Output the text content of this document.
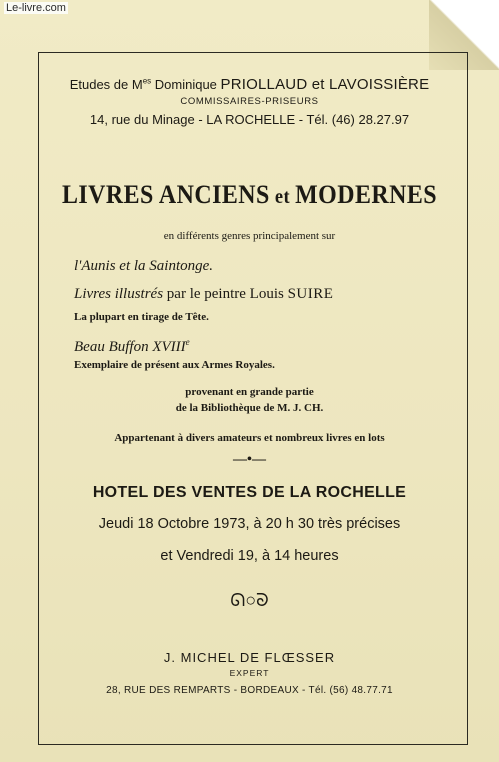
Le-livre.com
Etudes de $M^{es}$ Dominique PRIOLLAUD et LAVOISSIÈRE
COMMISSAIRES-PRISEURS
14, rue du Minage - LA ROCHELLE - Tél. (46) 28.27.97
LIVRES ANCIENS et MODERNES
en différents genres principalement sur
l'Aunis et la Saintonge.
Livres illustrés par le peintre Louis SUIRE
La plupart en tirage de Tête.
Beau Buffon XVIIIe
Exemplaire de présent aux Armes Royales.
provenant en grande partie
de la Bibliothèque de M. J. CH.
Appartenant à divers amateurs et nombreux livres en lots
—•—
HOTEL DES VENTES DE LA ROCHELLE
Jeudi 18 Octobre 1973, à 20 h 30 très précises
et Vendredi 19, à 14 heures
ᘏ○ᘐ
J. MICHEL DE FLŒSSER
EXPERT
28, RUE DES REMPARTS - BORDEAUX - Tél. (56) 48.77.71
